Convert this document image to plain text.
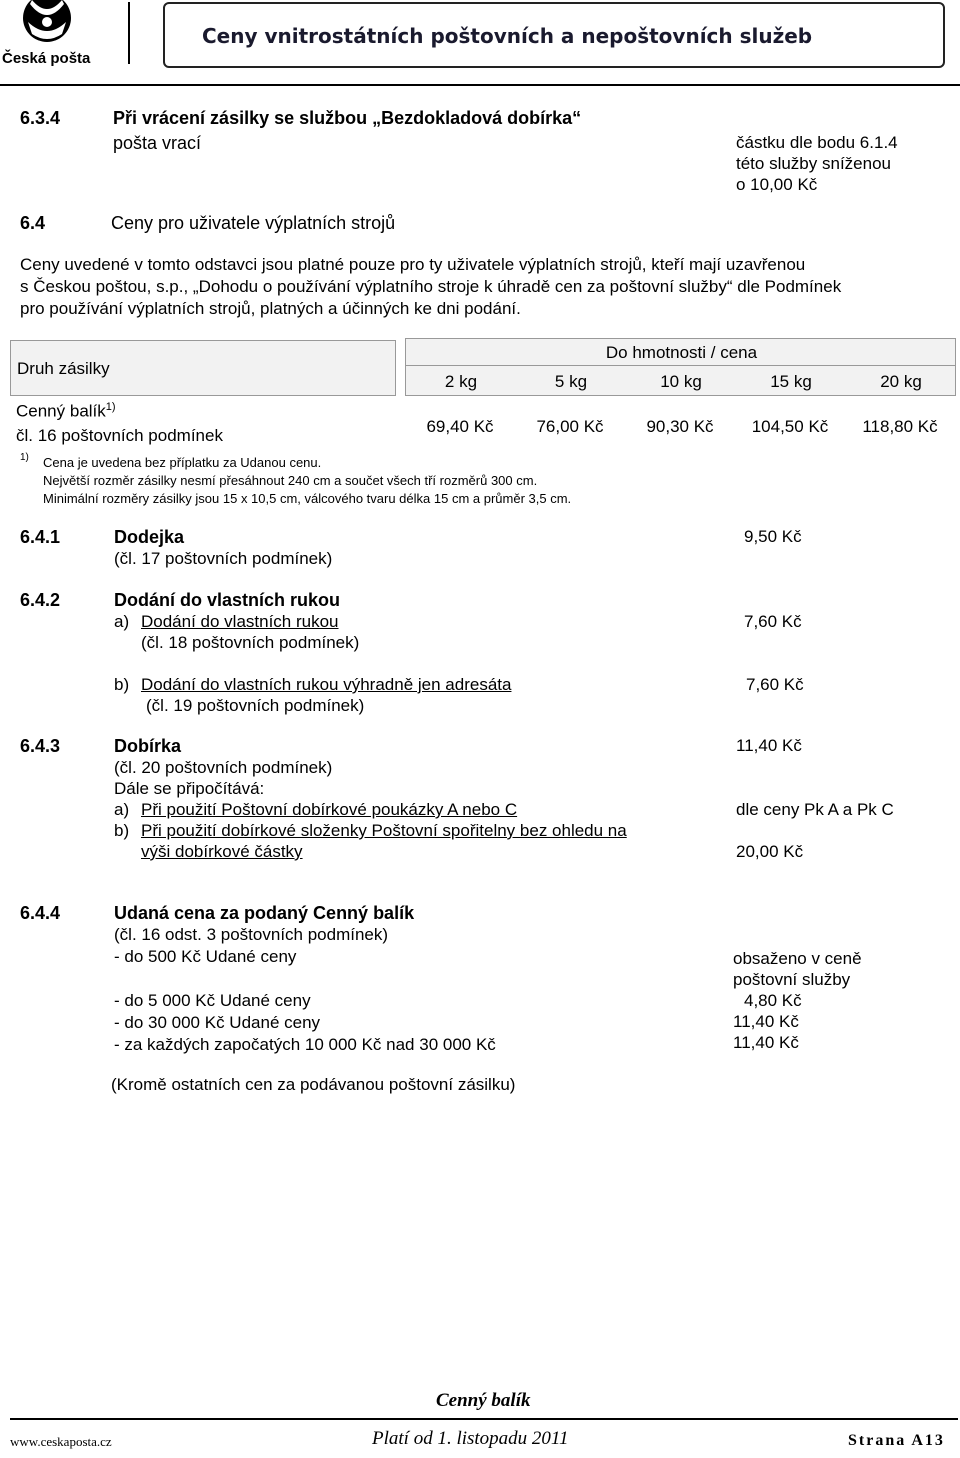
Česká pošta
Ceny vnitrostátních poštovních a nepoštovních služeb
6.3.4	Při vrácení zásilky se službou „Bezdokladová dobírka“
pošta vrací	částku dle bodu 6.1.4
této služby sníženou
o 10,00 Kč
6.4	Ceny pro uživatele výplatních strojů
Ceny uvedené v tomto odstavci jsou platné pouze pro ty uživatele výplatních strojů, kteří mají uzavřenou
s Českou poštou, s.p., „Dohodu o používání výplatního stroje k úhradě cen za poštovní služby“ dle Podmínek
pro používání výplatních strojů, platných a účinných ke dni podání.
Druh zásilky
Do hmotnosti / cena
2 kg	5 kg	10 kg	15 kg	20 kg
Cenný balík$^{1)}$
čl. 16 poštovních podmínek	69,40 Kč	76,00 Kč	90,30 Kč	104,50 Kč	118,80 Kč
1) Cena je uvedena bez příplatku za Udanou cenu.
Největší rozměr zásilky nesmí přesáhnout 240 cm a součet všech tří rozměrů 300 cm.
Minimální rozměry zásilky jsou 15 x 10,5 cm, válcového tvaru délka 15 cm a průměr 3,5 cm.
6.4.1	Dodejka
(čl. 17 poštovních podmínek)
9,50 Kč
6.4.2	Dodání do vlastních rukou
a) Dodání do vlastních rukou
(čl. 18 poštovních podmínek)
7,60 Kč
b) Dodání do vlastních rukou výhradně jen adresáta
(čl. 19 poštovních podmínek)
7,60 Kč
6.4.3	Dobírka	11,40 Kč
(čl. 20 poštovních podmínek)
Dále se připočítává:
a) Při použití Poštovní dobírkové poukázky A nebo C	dle ceny Pk A a Pk C
b) Při použití dobírkové složenky Poštovní spořitelny bez ohledu na
výši dobírkové částky	20,00 Kč
6.4.4	Udaná cena za podaný Cenný balík
(čl. 16 odst. 3 poštovních podmínek)
- do 500 Kč Udané ceny	obsaženo v ceně
poštovní služby
- do 5 000 Kč Udané ceny	4,80 Kč
- do 30 000 Kč Udané ceny	11,40 Kč
- za každých započatých 10 000 Kč nad 30 000 Kč	11,40 Kč
(Kromě ostatních cen za podávanou poštovní zásilku)
Cenný balík
www.ceskaposta.cz	Platí od 1. listopadu 2011	Strana A13
